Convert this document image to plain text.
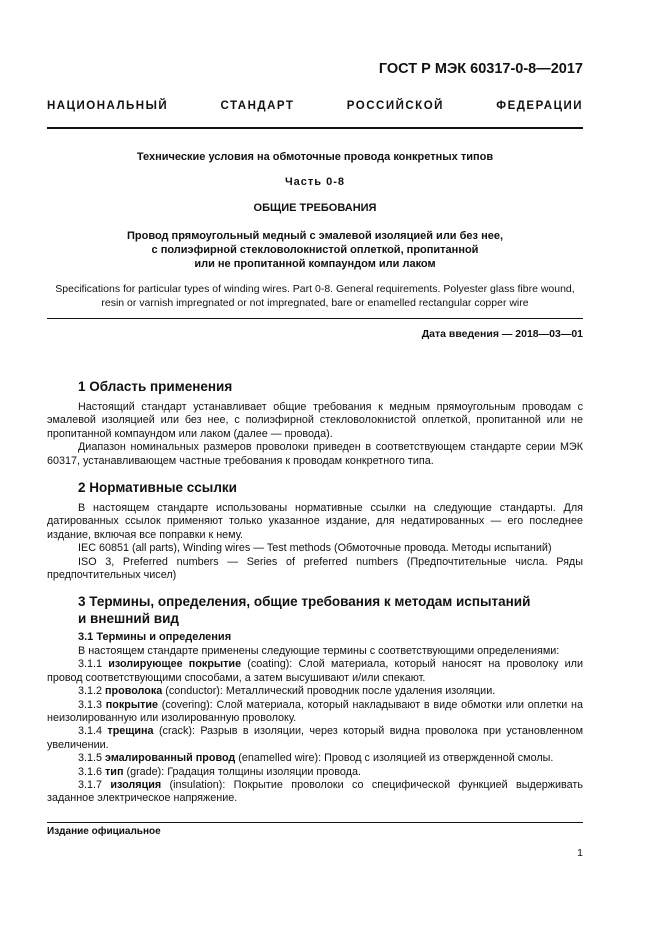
ГОСТ Р МЭК 60317-0-8—2017
НАЦИОНАЛЬНЫЙ СТАНДАРТ РОССИЙСКОЙ ФЕДЕРАЦИИ
Технические условия на обмоточные провода конкретных типов
Часть 0-8
ОБЩИЕ ТРЕБОВАНИЯ
Провод прямоугольный медный с эмалевой изоляцией или без нее,
с полиэфирной стекловолокнистой оплеткой, пропитанной
или не пропитанной компаундом или лаком
Specifications for particular types of winding wires. Part 0-8. General requirements. Polyester glass fibre wound,
resin or varnish impregnated or not impregnated, bare or enamelled rectangular copper wire
Дата введения — 2018—03—01
1 Область применения

Настоящий стандарт устанавливает общие требования к медным прямоугольным проводам с эмалевой изоляцией или без нее, с полиэфирной стекловолокнистой оплеткой, пропитанной или не пропитанной компаундом или лаком (далее — провода).

Диапазон номинальных размеров проволоки приведен в соответствующем стандарте серии МЭК 60317, устанавливающем частные требования к проводам конкретного типа.

2 Нормативные ссылки

В настоящем стандарте использованы нормативные ссылки на следующие стандарты. Для датированных ссылок применяют только указанное издание, для недатированных — его последнее издание, включая все поправки к нему.

IEC 60851 (all parts), Winding wires — Test methods (Обмоточные провода. Методы испытаний)

ISO 3, Preferred numbers — Series of preferred numbers (Предпочтительные числа. Ряды предпочтительных чисел)

3 Термины, определения, общие требования к методам испытаний
и внешний вид
3.1 Термины и определения

В настоящем стандарте применены следующие термины с соответствующими определениями:

3.1.1 изолирующее покрытие (coating): Слой материала, который наносят на проволоку или провод соответствующими способами, а затем высушивают и/или спекают.

3.1.2 проволока (conductor): Металлический проводник после удаления изоляции.

3.1.3 покрытие (covering): Слой материала, который накладывают в виде обмотки или оплетки на неизолированную или изолированную проволоку.

3.1.4 трещина (crack): Разрыв в изоляции, через который видна проволока при установленном увеличении.

3.1.5 эмалированный провод (enamelled wire): Провод с изоляцией из отвержденной смолы.

3.1.6 тип (grade): Градация толщины изоляции провода.

3.1.7 изоляция (insulation): Покрытие проволоки со специфической функцией выдерживать заданное электрическое напряжение.

Издание официальное
1
